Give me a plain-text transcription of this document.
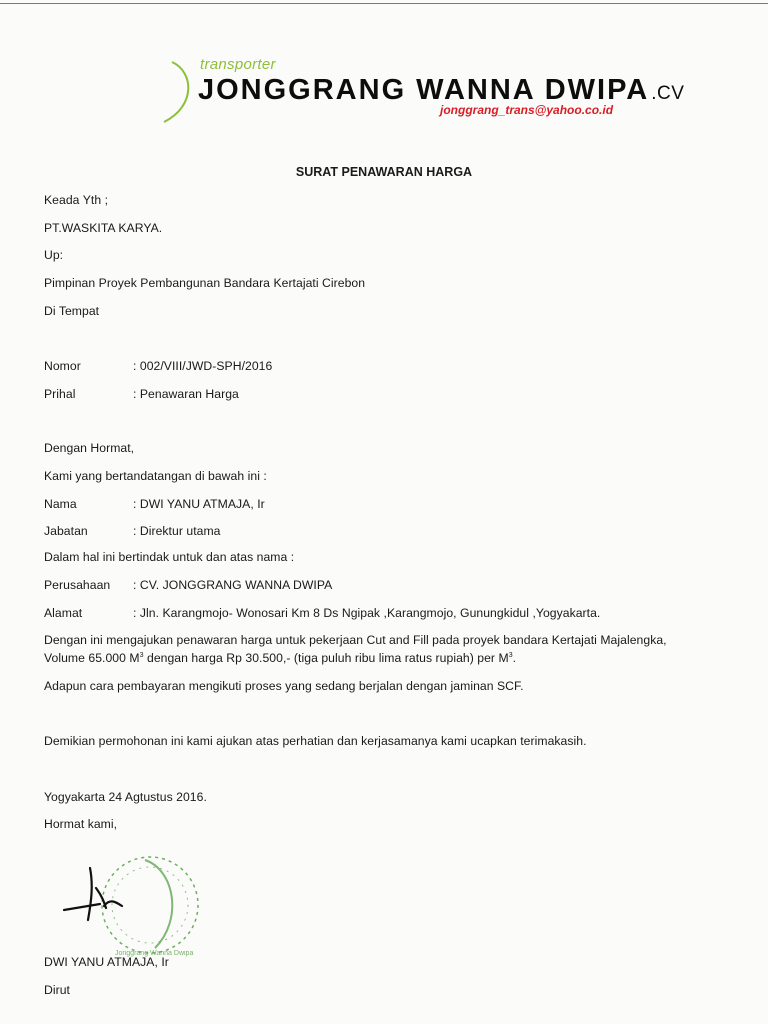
transporter
JONGGRANG WANNA DWIPA .CV
jonggrang_trans@yahoo.co.id
SURAT PENAWARAN HARGA
Keada Yth ;
PT.WASKITA KARYA.
Up:
Pimpinan Proyek Pembangunan Bandara Kertajati Cirebon
Di Tempat
Nomor	: 002/VIII/JWD-SPH/2016
Prihal	: Penawaran Harga
Dengan Hormat,
Kami yang bertandatangan di bawah ini :
Nama	: DWI YANU ATMAJA, Ir
Jabatan	: Direktur utama
Dalam hal ini bertindak untuk dan atas nama :
Perusahaan : CV. JONGGRANG WANNA DWIPA
Alamat	: Jln. Karangmojo- Wonosari Km 8 Ds Ngipak ,Karangmojo, Gunungkidul ,Yogyakarta.
Dengan ini mengajukan penawaran harga untuk pekerjaan Cut and Fill pada proyek bandara Kertajati Majalengka,
Volume 65.000 $M^3$ dengan harga Rp 30.500,- (tiga puluh ribu lima ratus rupiah) per $M^3$.
Adapun cara pembayaran mengikuti proses yang sedang berjalan dengan jaminan SCF.
Demikian permohonan ini kami ajukan atas perhatian dan kerjasamanya kami ucapkan terimakasih.
Yogyakarta 24 Agtustus 2016.
Hormat kami,
Jonggrang Wanna Dwipa
DWI YANU ATMAJA, Ir
Dirut
